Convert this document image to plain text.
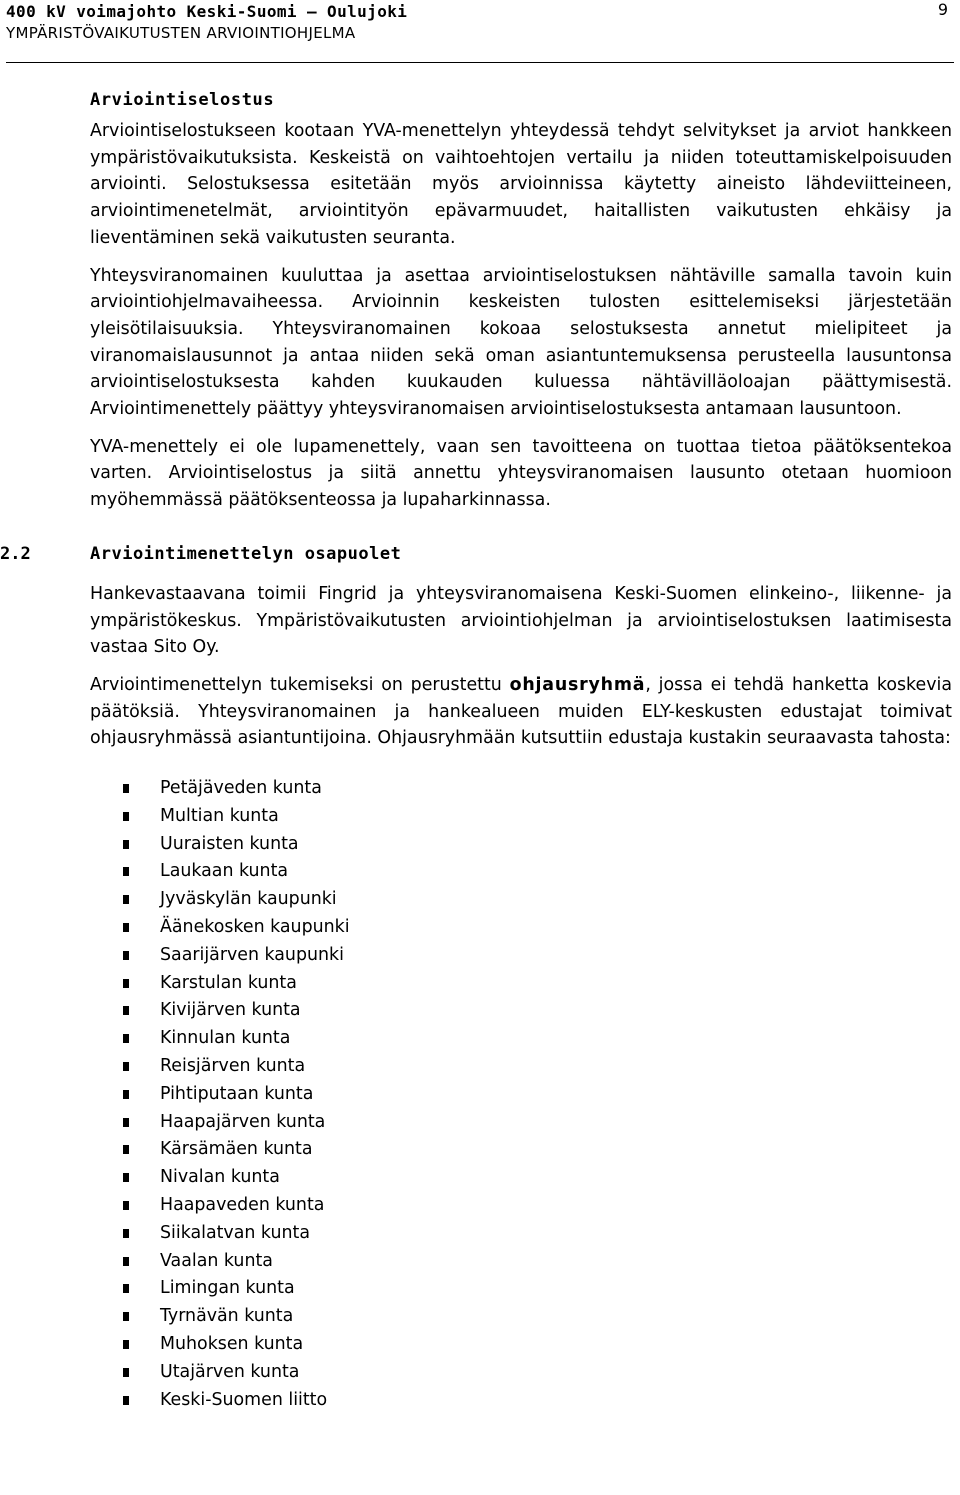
400 kV voimajohto Keski-Suomi – Oulujoki
YMPÄRISTÖVAIKUTUSTEN ARVIOINTIOHJELMA
9
Arviointiselostus

Arviointiselostukseen kootaan YVA-menettelyn yhteydessä tehdyt selvitykset ja arviot hankkeen ympäristövaikutuksista. Keskeistä on vaihtoehtojen vertailu ja niiden toteuttamiskelpoisuuden arviointi. Selostuksessa esitetään myös arvioinnissa käytetty aineisto lähdeviitteineen, arviointimenetelmät, arviointityön epävarmuudet, haitallisten vaikutusten ehkäisy ja lieventäminen sekä vaikutusten seuranta.

Yhteysviranomainen kuuluttaa ja asettaa arviointiselostuksen nähtäville samalla tavoin kuin arviointiohjelmavaiheessa. Arvioinnin keskeisten tulosten esittelemiseksi järjestetään yleisötilaisuuksia. Yhteysviranomainen kokoaa selostuksesta annetut mielipiteet ja viranomaislausunnot ja antaa niiden sekä oman asiantuntemuksensa perusteella lausuntonsa arviointiselostuksesta kahden kuukauden kuluessa nähtävilläoloajan päättymisestä. Arviointimenettely päättyy yhteysviranomaisen arviointiselostuksesta antamaan lausuntoon.

YVA-menettely ei ole lupamenettely, vaan sen tavoitteena on tuottaa tietoa päätöksentekoa varten. Arviointiselostus ja siitä annettu yhteysviranomaisen lausunto otetaan huomioon myöhemmässä päätöksenteossa ja lupaharkinnassa.

2.2	Arviointimenettelyn osapuolet

Hankevastaavana toimii Fingrid ja yhteysviranomaisena Keski-Suomen elinkeino-, liikenne- ja ympäristökeskus. Ympäristövaikutusten arviointiohjelman ja arviointiselostuksen laatimisesta vastaa Sito Oy.

Arviointimenettelyn tukemiseksi on perustettu ohjausryhmä, jossa ei tehdä hanketta koskevia päätöksiä. Yhteysviranomainen ja hankealueen muiden ELY-keskusten edustajat toimivat ohjausryhmässä asiantuntijoina. Ohjausryhmään kutsuttiin edustaja kustakin seuraavasta tahosta:

Petäjäveden kunta
Multian kunta
Uuraisten kunta
Laukaan kunta
Jyväskylän kaupunki
Äänekosken kaupunki
Saarijärven kaupunki
Karstulan kunta
Kivijärven kunta
Kinnulan kunta
Reisjärven kunta
Pihtiputaan kunta
Haapajärven kunta
Kärsämäen kunta
Nivalan kunta
Haapaveden kunta
Siikalatvan kunta
Vaalan kunta
Limingan kunta
Tyrnävän kunta
Muhoksen kunta
Utajärven kunta
Keski-Suomen liitto
